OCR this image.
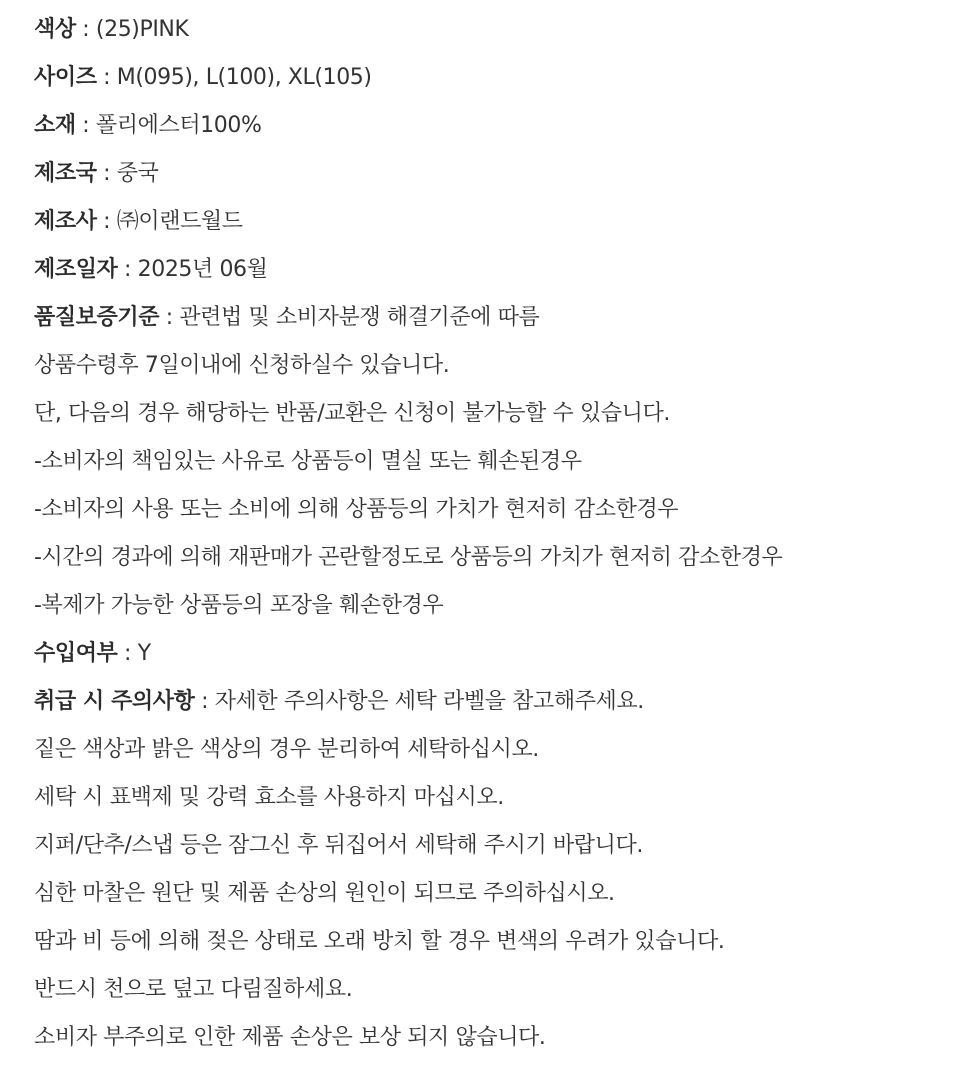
색상 : (25)PINK
사이즈 : M(095), L(100), XL(105)
소재 : 폴리에스터100%
제조국 : 중국
제조사 : ㈜이랜드월드
제조일자 : 2025년 06월
품질보증기준 : 관련법 및 소비자분쟁 해결기준에 따름
상품수령후 7일이내에 신청하실수 있습니다.
단, 다음의 경우 해당하는 반품/교환은 신청이 불가능할 수 있습니다.
-소비자의 책임있는 사유로 상품등이 멸실 또는 훼손된경우
-소비자의 사용 또는 소비에 의해 상품등의 가치가 현저히 감소한경우
-시간의 경과에 의해 재판매가 곤란할정도로 상품등의 가치가 현저히 감소한경우
-복제가 가능한 상품등의 포장을 훼손한경우
수입여부 : Y
취급 시 주의사항 : 자세한 주의사항은 세탁 라벨을 참고해주세요.
짙은 색상과 밝은 색상의 경우 분리하여 세탁하십시오.
세탁 시 표백제 및 강력 효소를 사용하지 마십시오.
지퍼/단추/스냅 등은 잠그신 후 뒤집어서 세탁해 주시기 바랍니다.
심한 마찰은 원단 및 제품 손상의 원인이 되므로 주의하십시오.
땀과 비 등에 의해 젖은 상태로 오래 방치 할 경우 변색의 우려가 있습니다.
반드시 천으로 덮고 다림질하세요.
소비자 부주의로 인한 제품 손상은 보상 되지 않습니다.
